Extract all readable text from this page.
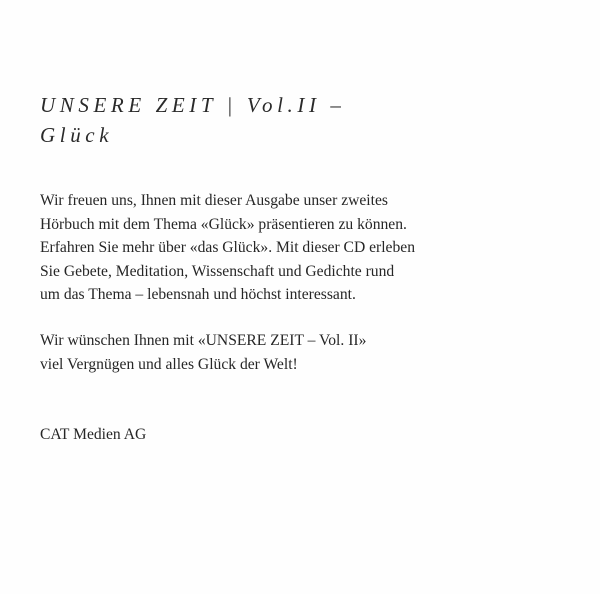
UNSERE ZEIT | Vol.II –
Glück
Wir freuen uns, Ihnen mit dieser Ausgabe unser zweites
Hörbuch mit dem Thema «Glück» präsentieren zu können.
Erfahren Sie mehr über «das Glück». Mit dieser CD erleben
Sie Gebete, Meditation, Wissenschaft und Gedichte rund
um das Thema – lebensnah und höchst interessant.
Wir wünschen Ihnen mit «UNSERE ZEIT – Vol. II»
viel Vergnügen und alles Glück der Welt!
CAT Medien AG
